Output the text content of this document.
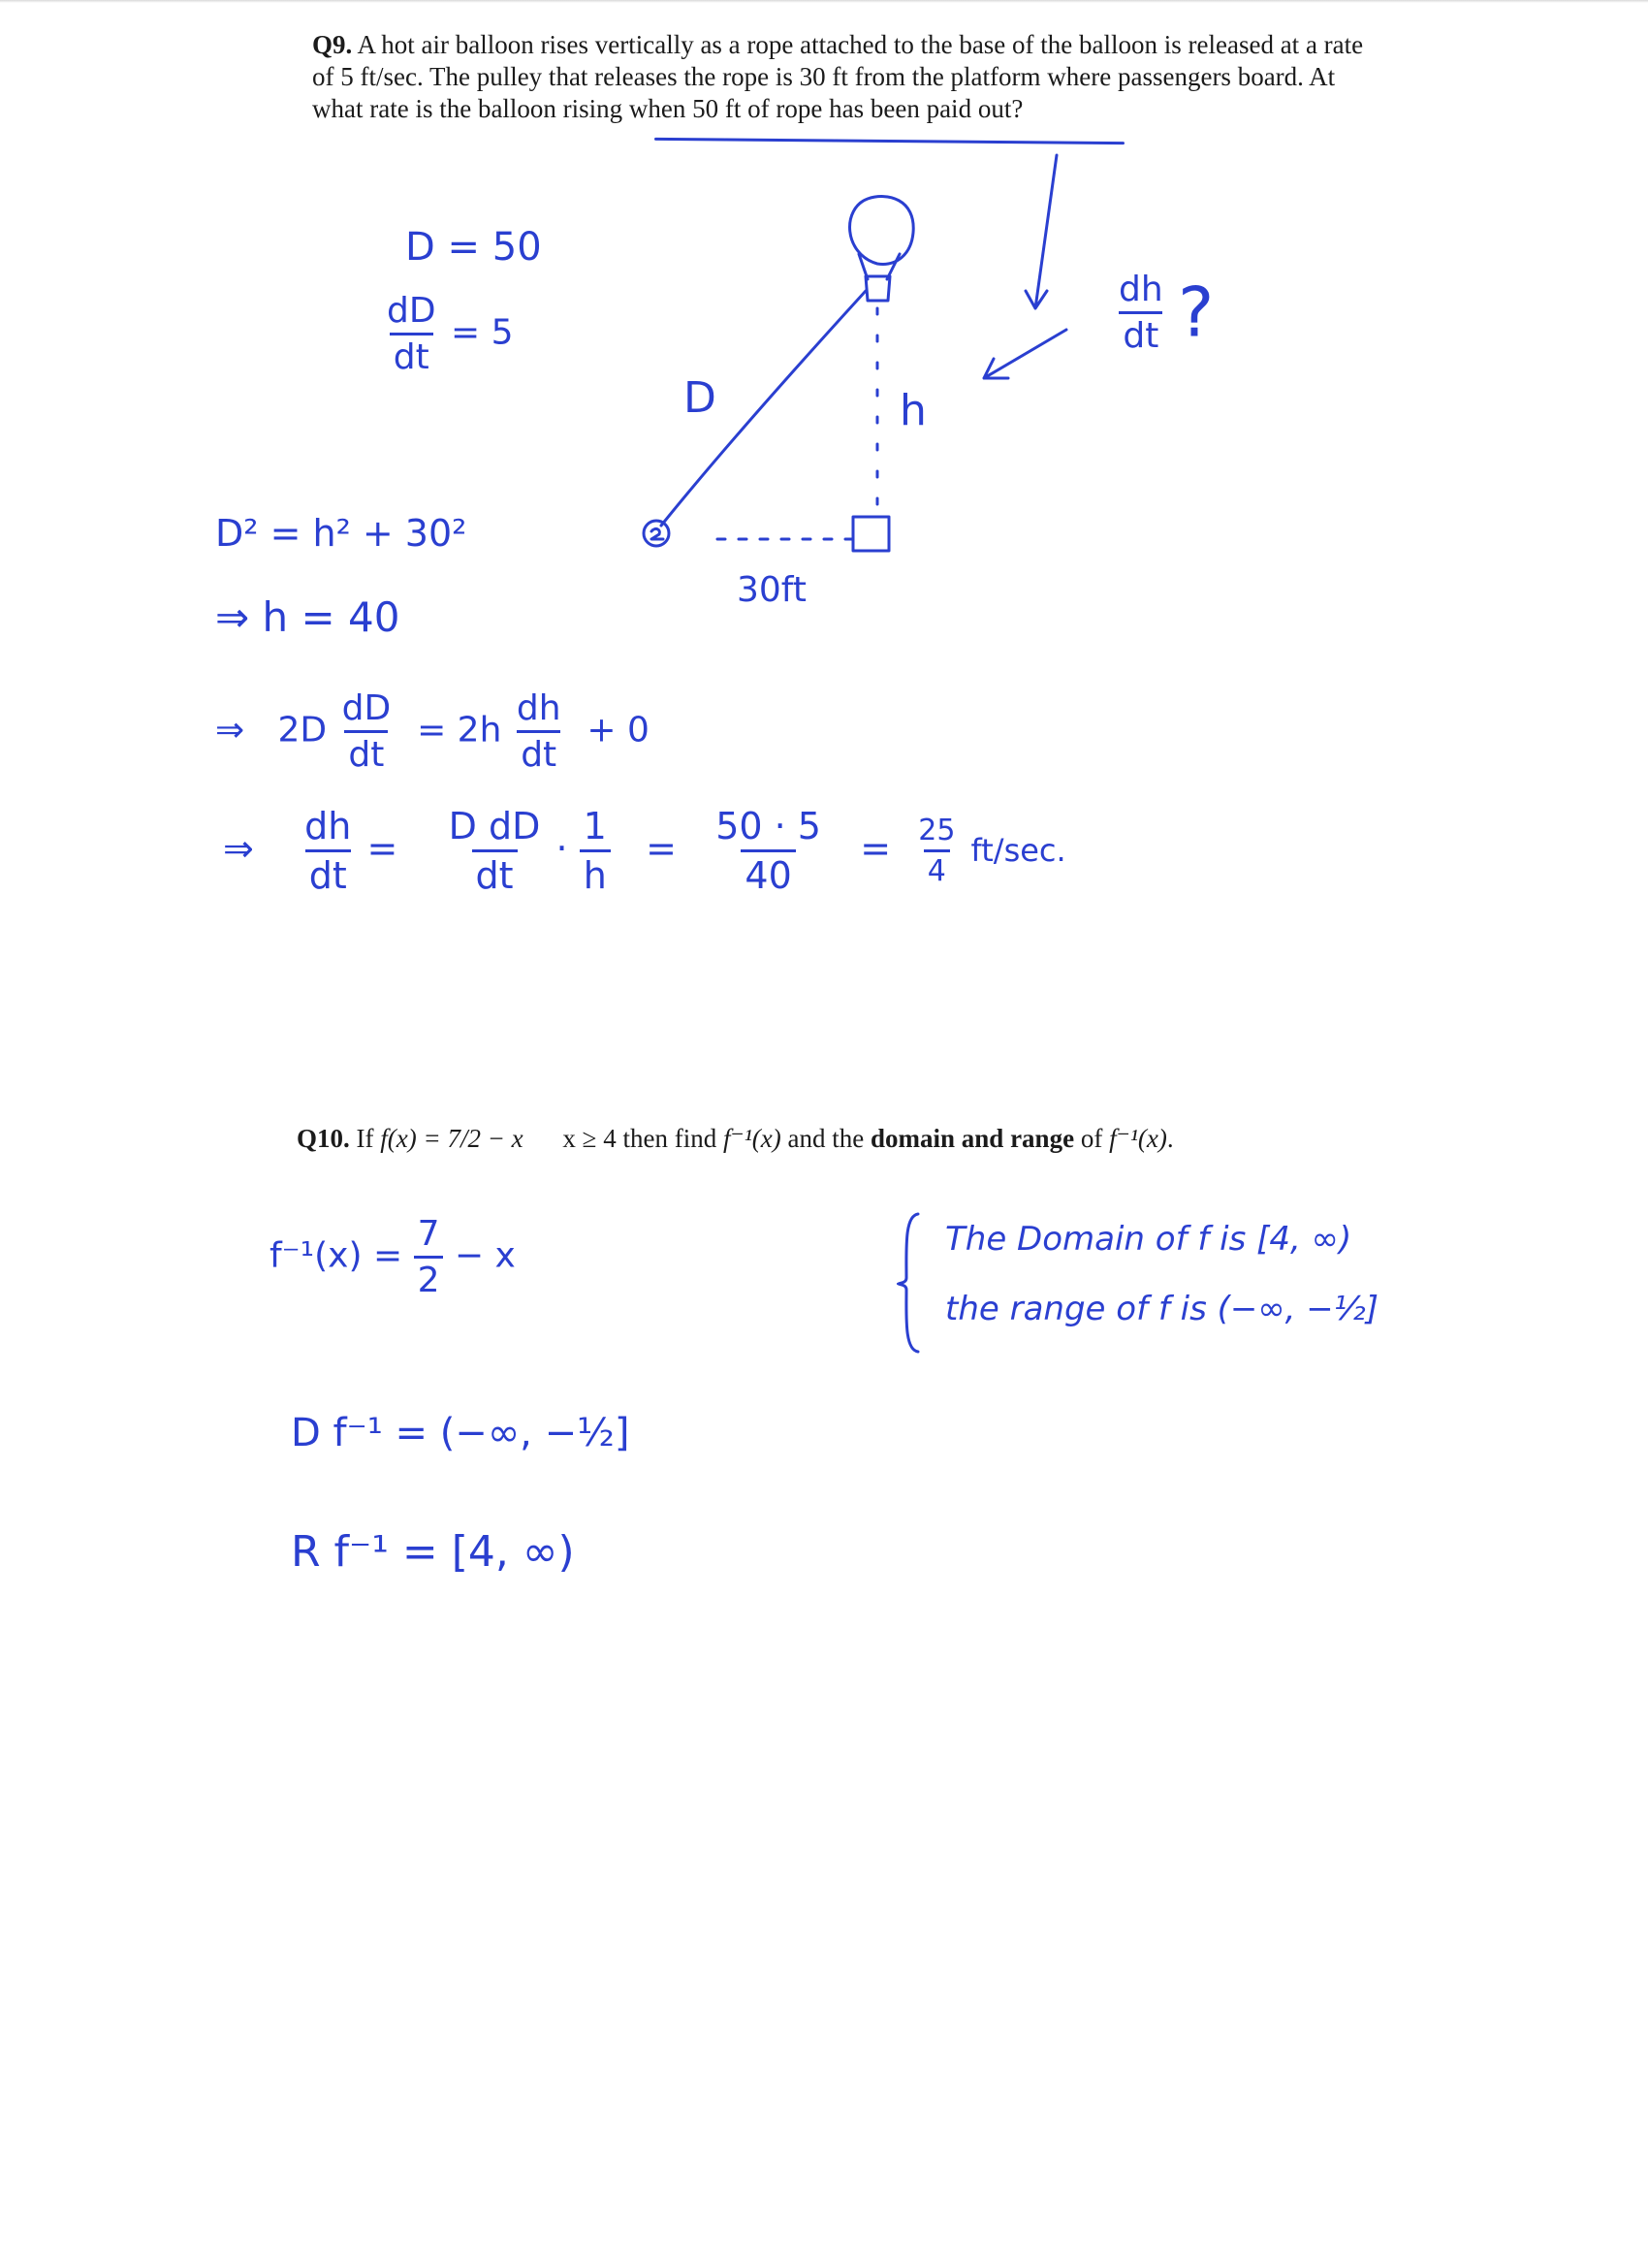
Q9. A hot air balloon rises vertically as a rope attached to the base of the balloon is released at a rate of 5 ft/sec. The pulley that releases the rope is 30 ft from the platform where passengers board. At what rate is the balloon rising when 50 ft of rope has been paid out?
D = 50
$\frac{dD}{dt} = 5$
D	h
30ft
$\frac{dh}{dt}$ ?
D² = h² + 30²
⇒ h = 40
⇒ $2D \frac{dD}{dt} = 2h \frac{dh}{dt} + 0$
⇒ $\frac{dh}{dt} = \frac{\text{D dD}}{dt} \cdot \frac{1}{h} = \frac{50 \cdot 5}{40} = \frac{25}{4} ft/\sec$.
Q10. If f(x) = 7/2 − x x ≥ 4 then find f⁻¹(x) and the domain and range of f⁻¹(x).
$f^{-1}(x) = \frac{7}{2} - x$	The Domain of f is [4, ∞)
the range of f is (−∞, −½]
D f⁻¹ = (−∞, −½]
R f⁻¹ = [4, ∞)
